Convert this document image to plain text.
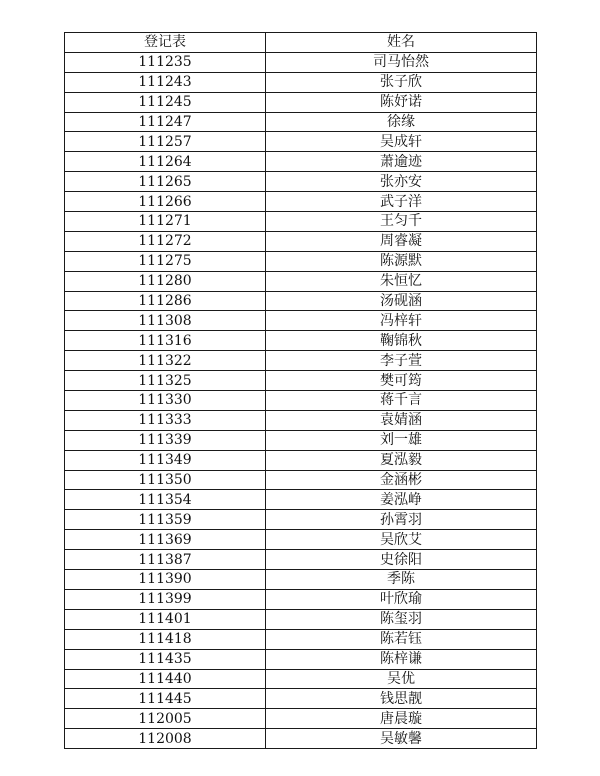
登记表	姓名
111235	司马怡然
111243	张子欣
111245	陈妤诺
111247	徐缘
111257	吴成轩
111264	萧逾迹
111265	张亦安
111266	武子洋
111271	王匀千
111272	周睿凝
111275	陈源默
111280	朱恒忆
111286	汤砚涵
111308	冯梓轩
111316	鞠锦秋
111322	李子萱
111325	樊可筠
111330	蒋千言
111333	袁婧涵
111339	刘一雄
111349	夏泓毅
111350	金涵彬
111354	姜泓峥
111359	孙霄羽
111369	吴欣艾
111387	史徐阳
111390	季陈
111399	叶欣瑜
111401	陈玺羽
111418	陈若钰
111435	陈梓谦
111440	吴优
111445	钱思靓
112005	唐晨璇
112008	吴敏馨
